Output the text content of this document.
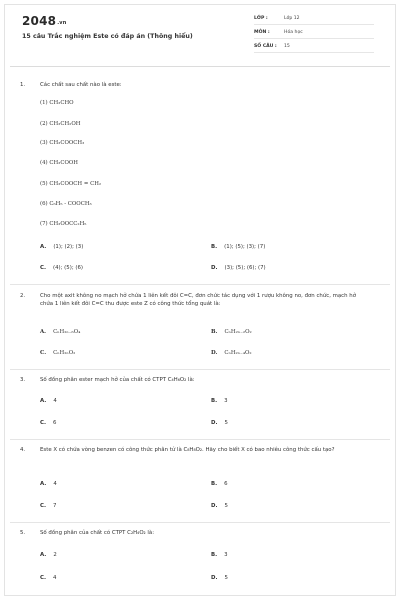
2048.vn
15 câu Trắc nghiệm Este có đáp án (Thông hiểu)
LỚP :	Lớp 12
MÔN :	Hóa học
SỐ CÂU : 15
1.	Các chất sau chất nào là este:
(1) CH₃CHO
(2) CH₃CH₂OH
(3) CH₃COOCH₃
(4) CH₃COOH
(5) CH₃COOCH = CH₂
(6) C₆H₅ - COOCH₃
(7) CH₃OOCC₂H₅
A. (1); (2); (3)	B. (1); (5); (3); (7)
C. (4); (5); (6)	D. (3); (5); (6); (7)
2.	Cho một axit không no mạch hở chứa 1 liên kết đôi C=C, đơn chức tác dụng với 1 rượu không no, đơn chức, mạch hở chứa 1 liên kết đôi C=C thu được este Z có công thức tổng quát là:
A. CₙH₂ₙ₋₆O₄	B. CₙH₂ₙ₋₂O₂
C. CₙH₂ₙO₂	D. CₙH₂ₙ₋₄O₂
3.	Số đồng phân ester mạch hở của chất có CTPT C₄H₆O₂ là:
A. 4	B. 3
C. 6	D. 5
4.	Este X có chứa vòng benzen có công thức phân tử là C₈H₈O₂. Hãy cho biết X có bao nhiêu công thức cấu tạo?
A. 4	B. 6
C. 7	D. 5
5.	Số đồng phân của chất có CTPT C₂H₄O₂ là:
A. 2	B. 3
C. 4	D. 5
